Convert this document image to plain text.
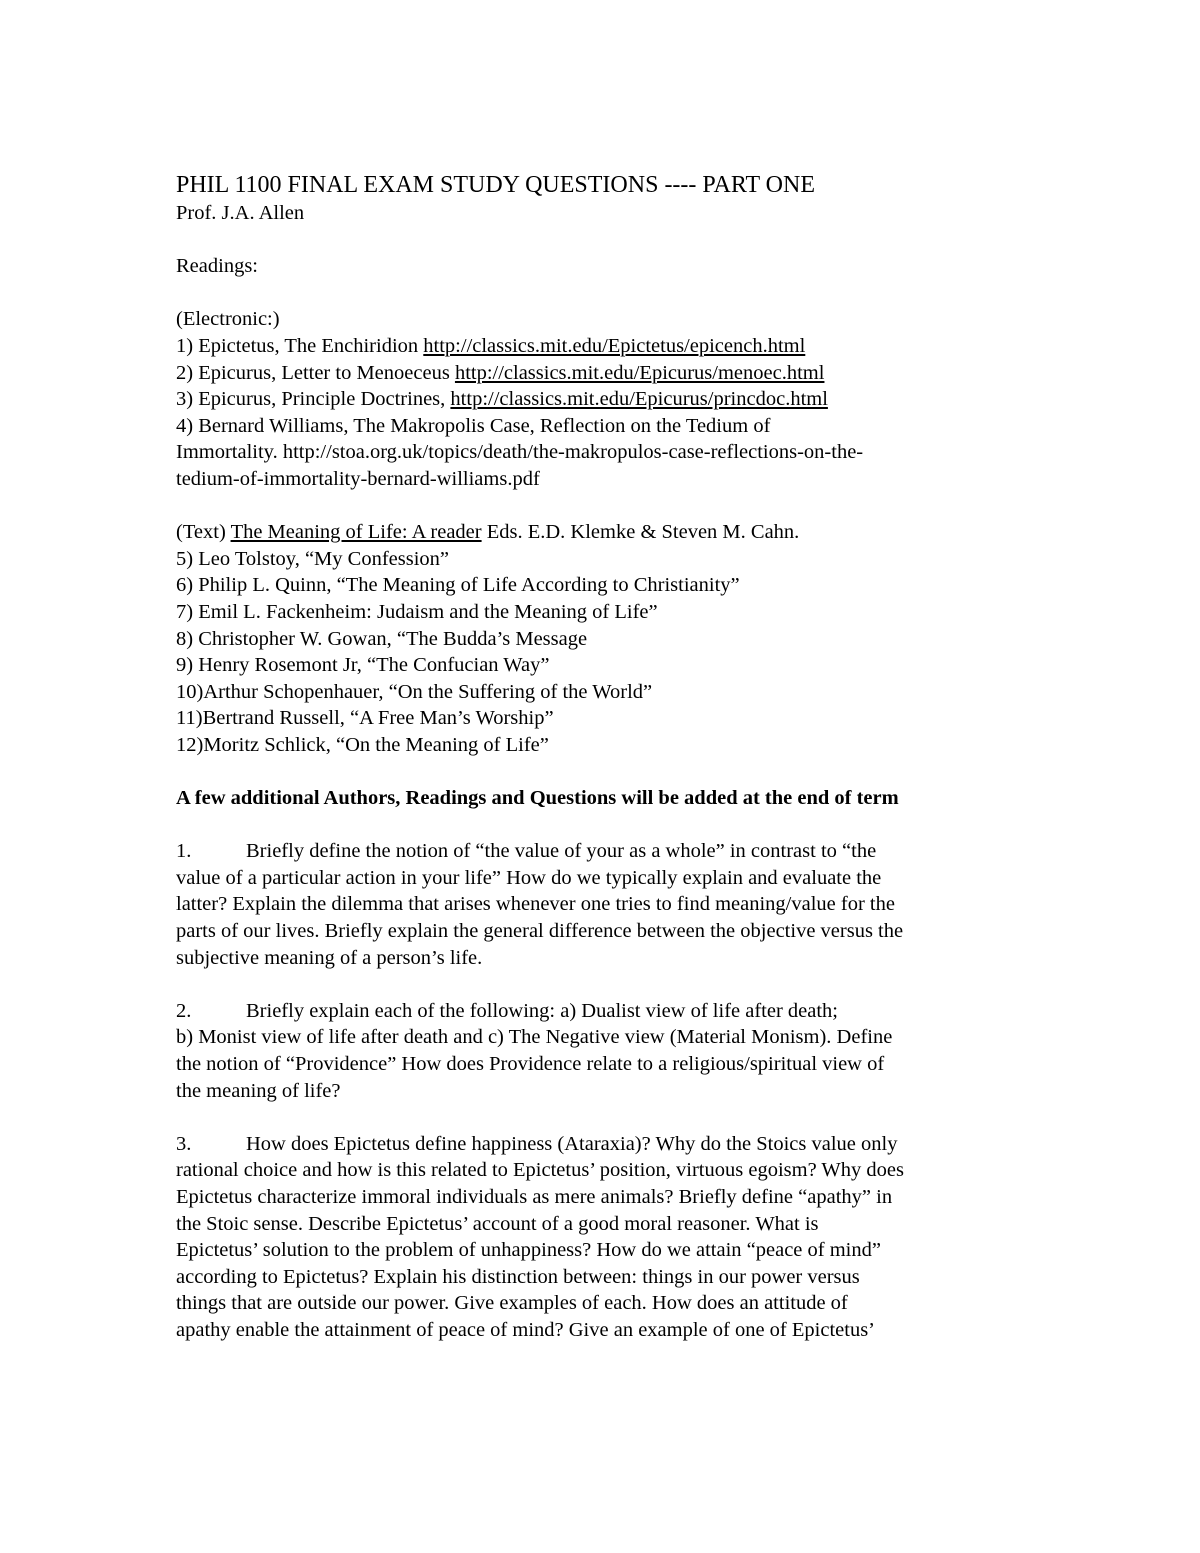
PHIL 1100 FINAL EXAM STUDY QUESTIONS ---- PART ONE

Prof. J.A. Allen

Readings:

(Electronic:)

1) Epictetus, The Enchiridion http://classics.mit.edu/Epictetus/epicench.html

2) Epicurus, Letter to Menoeceus http://classics.mit.edu/Epicurus/menoec.html

3) Epicurus, Principle Doctrines, http://classics.mit.edu/Epicurus/princdoc.html

4) Bernard Williams, The Makropolis Case, Reflection on the Tedium of

Immortality. http://stoa.org.uk/topics/death/the-makropulos-case-reflections-on-the-

tedium-of-immortality-bernard-williams.pdf

(Text) The Meaning of Life: A reader Eds. E.D. Klemke & Steven M. Cahn.

5) Leo Tolstoy, “My Confession”

6) Philip L. Quinn, “The Meaning of Life According to Christianity”

7) Emil L. Fackenheim: Judaism and the Meaning of Life”

8) Christopher W. Gowan, “The Budda’s Message

9) Henry Rosemont Jr, “The Confucian Way”

10)Arthur Schopenhauer, “On the Suffering of the World”

11)Bertrand Russell, “A Free Man’s Worship”

12)Moritz Schlick, “On the Meaning of Life”

A few additional Authors, Readings and Questions will be added at the end of term

1.	Briefly define the notion of “the value of your as a whole” in contrast to “the

value of a particular action in your life” How do we typically explain and evaluate the

latter? Explain the dilemma that arises whenever one tries to find meaning/value for the

parts of our lives. Briefly explain the general difference between the objective versus the

subjective meaning of a person’s life.

2.	Briefly explain each of the following: a) Dualist view of life after death;

b) Monist view of life after death and c) The Negative view (Material Monism). Define

the notion of “Providence” How does Providence relate to a religious/spiritual view of

the meaning of life?

3.	How does Epictetus define happiness (Ataraxia)? Why do the Stoics value only

rational choice and how is this related to Epictetus’ position, virtuous egoism? Why does

Epictetus characterize immoral individuals as mere animals? Briefly define “apathy” in

the Stoic sense. Describe Epictetus’ account of a good moral reasoner. What is

Epictetus’ solution to the problem of unhappiness? How do we attain “peace of mind”

according to Epictetus? Explain his distinction between: things in our power versus

things that are outside our power. Give examples of each. How does an attitude of

apathy enable the attainment of peace of mind? Give an example of one of Epictetus’
